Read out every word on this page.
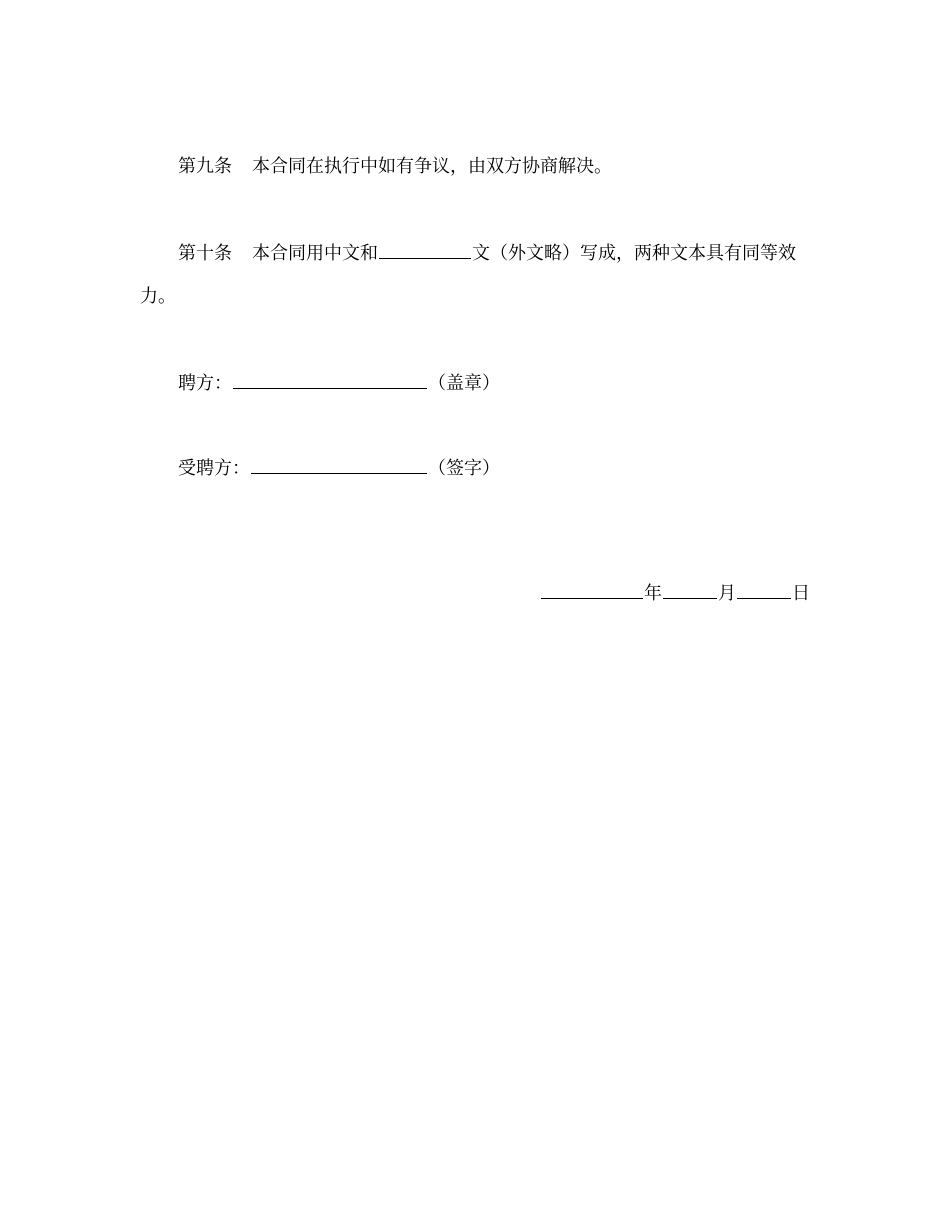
第九条 本合同在执行中如有争议，由双方协商解决。
第十条 本合同用中文和	文（外文略）写成，两种文本具有同等效
力。
聘方：	（盖章）
受聘方：	（签字）
年	月	日
